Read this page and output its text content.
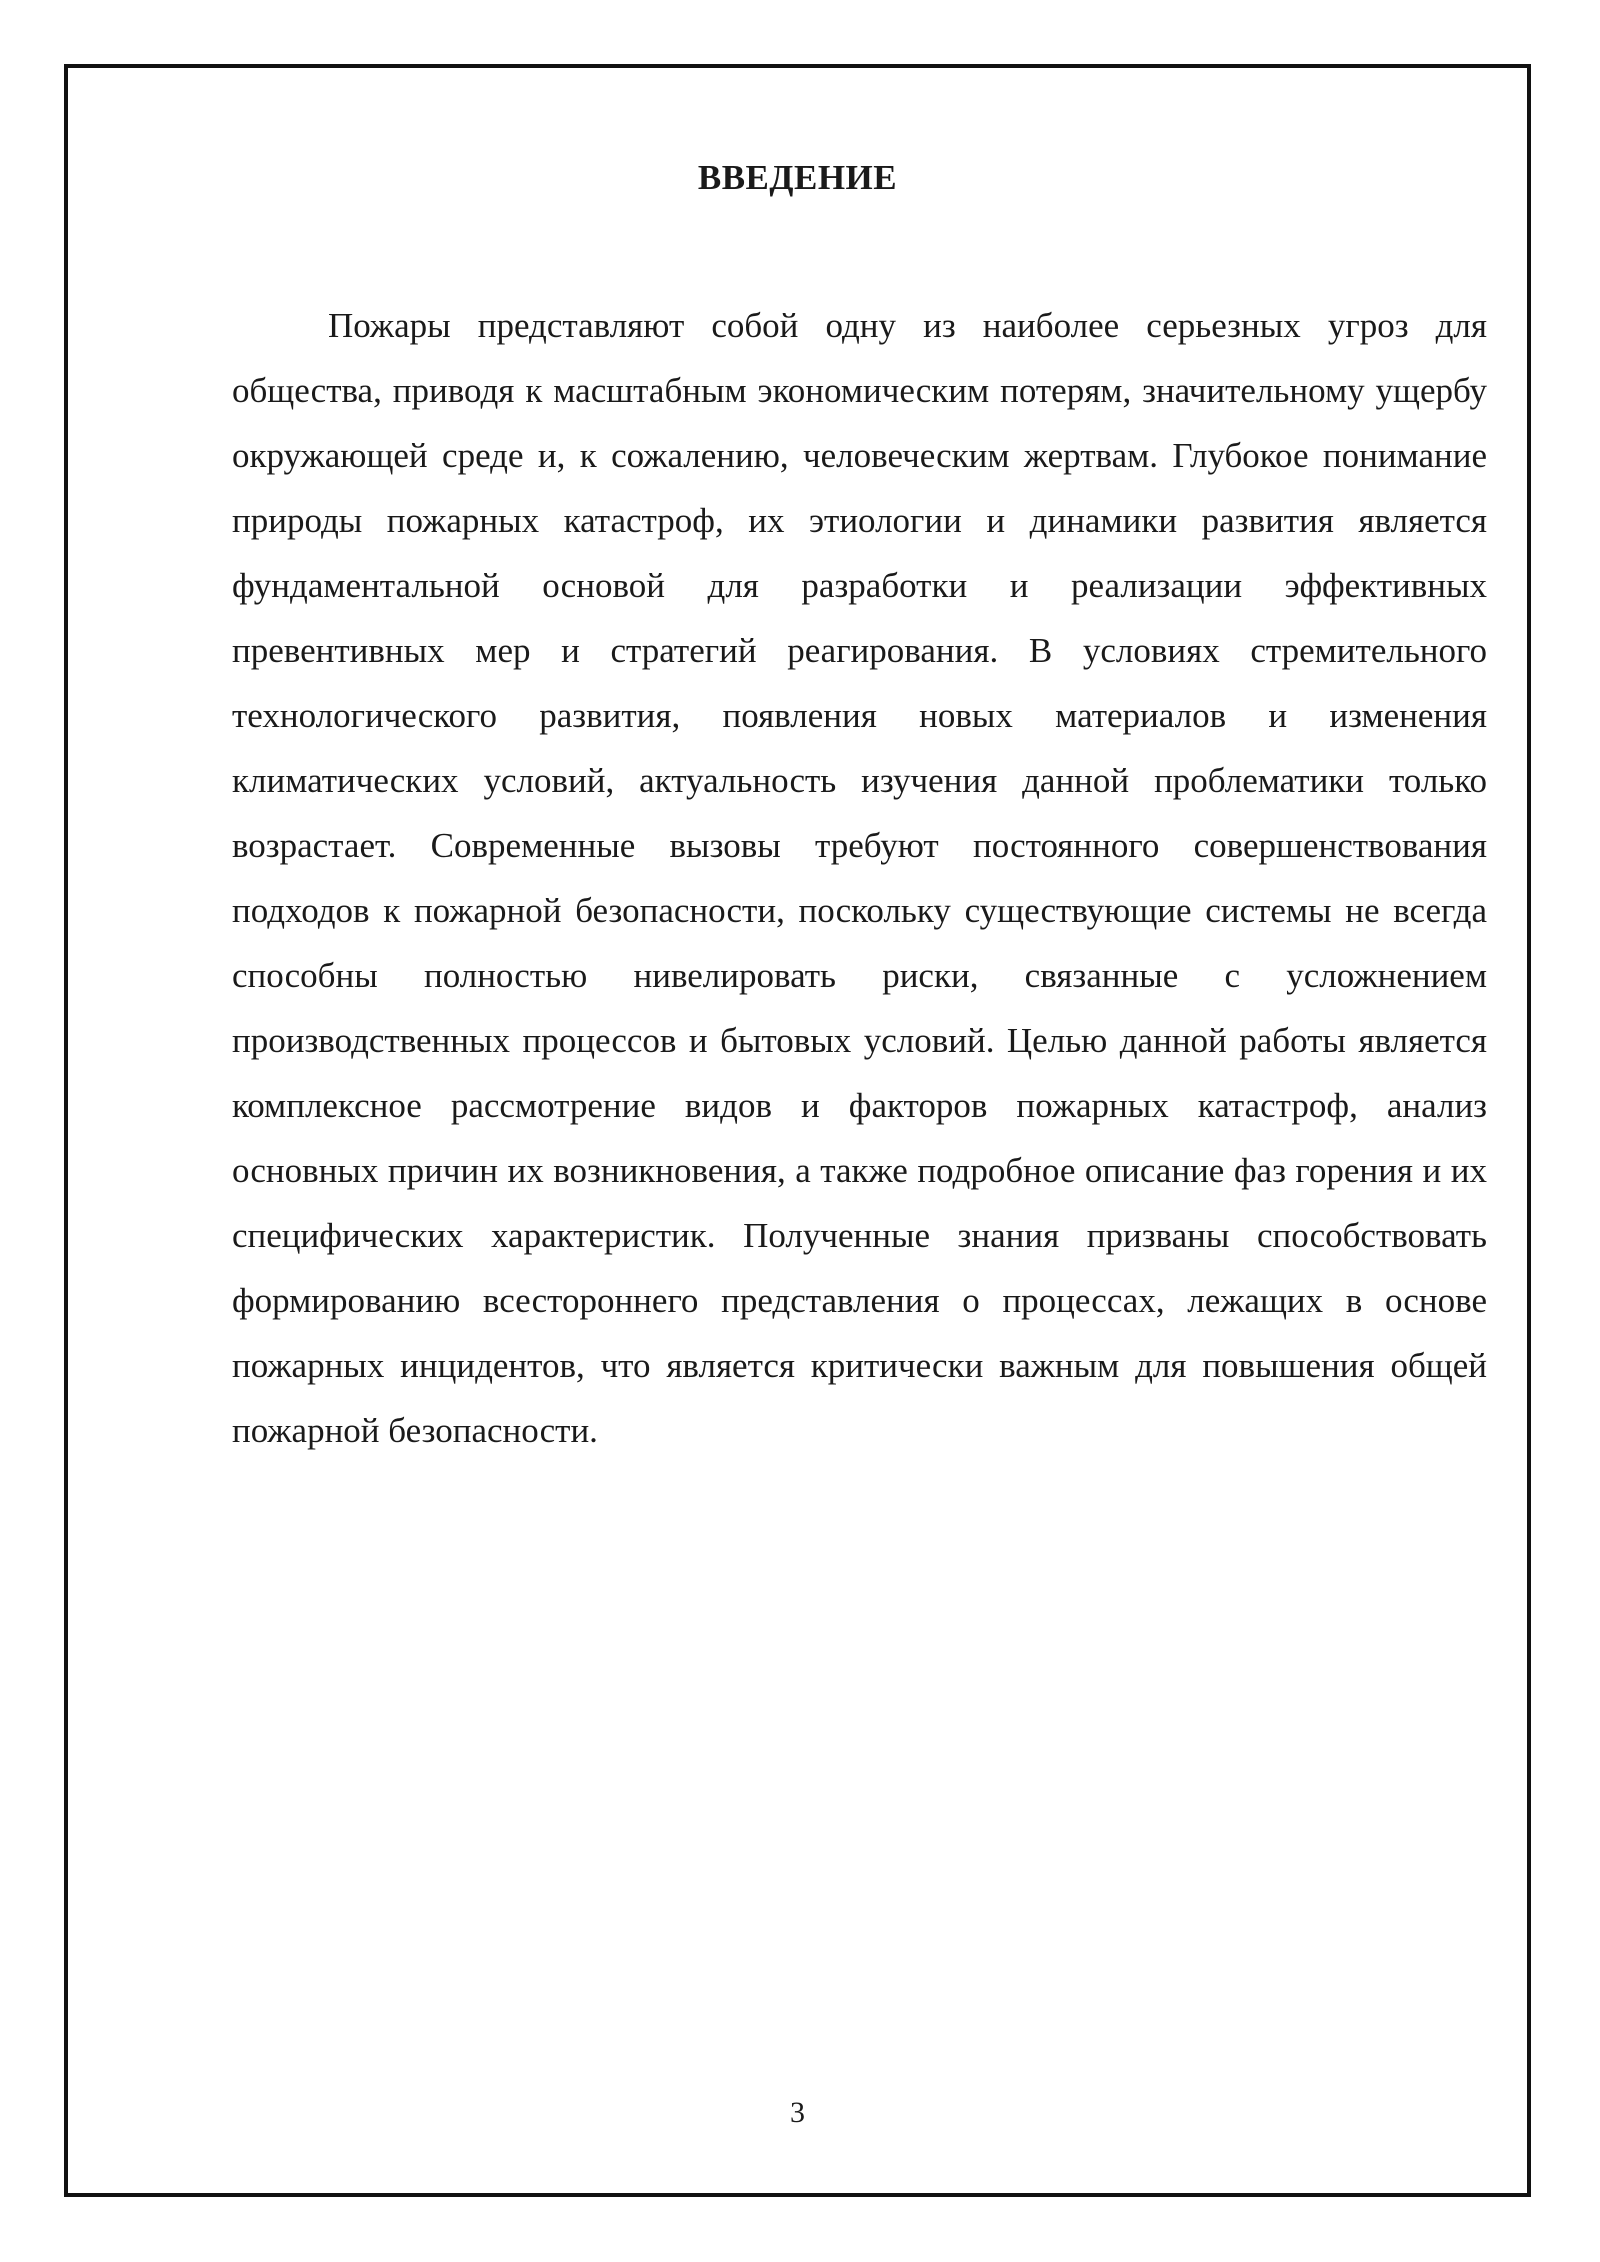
ВВЕДЕНИЕ

Пожары представляют собой одну из наиболее серьезных угроз для общества, приводя к масштабным экономическим потерям, значительному ущербу окружающей среде и, к сожалению, человеческим жертвам. Глубокое понимание природы пожарных катастроф, их этиологии и динамики развития является фундаментальной основой для разработки и реализации эффективных превентивных мер и стратегий реагирования. В условиях стремительного технологического развития, появления новых материалов и изменения климатических условий, актуальность изучения данной проблематики только возрастает. Современные вызовы требуют постоянного совершенствования подходов к пожарной безопасности, поскольку существующие системы не всегда способны полностью нивелировать риски, связанные с усложнением производственных процессов и бытовых условий. Целью данной работы является комплексное рассмотрение видов и факторов пожарных катастроф, анализ основных причин их возникновения, а также подробное описание фаз горения и их специфических характеристик. Полученные знания призваны способствовать формированию всестороннего представления о процессах, лежащих в основе пожарных инцидентов, что является критически важным для повышения общей пожарной безопасности.

3
